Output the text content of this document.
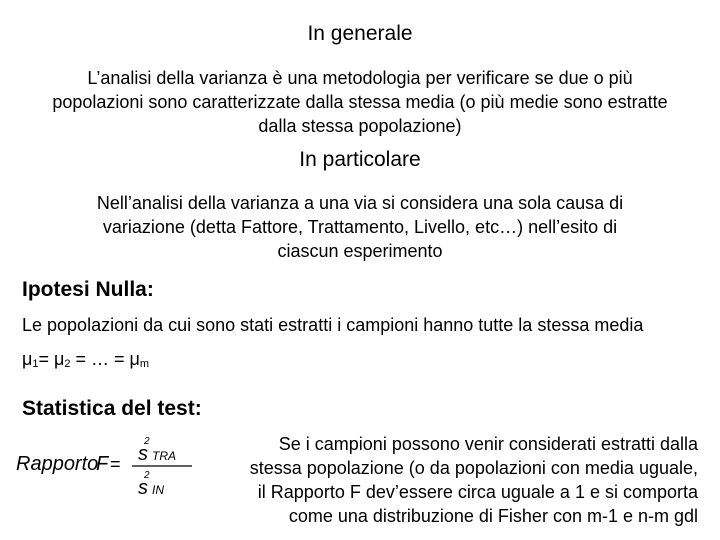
In generale
L’analisi della varianza è una metodologia per verificare se due o più
popolazioni sono caratterizzate dalla stessa media (o più medie sono estratte
dalla stessa popolazione)
In particolare
Nell’analisi della varianza a una via si considera una sola causa di
variazione (detta Fattore, Trattamento, Livello, etc…) nell’esito di
ciascun esperimento
Ipotesi Nulla:
Le popolazioni da cui sono stati estratti i campioni hanno tutte la stessa media
μ1= μ2 = … = μm
Statistica del test:
Rapporto
F =
2
s TRA
2
s IN
Se i campioni possono venir considerati estratti dalla
stessa popolazione (o da popolazioni con media uguale,
il Rapporto F dev’essere circa uguale a 1 e si comporta
come una distribuzione di Fisher con m-1 e n-m gdl
